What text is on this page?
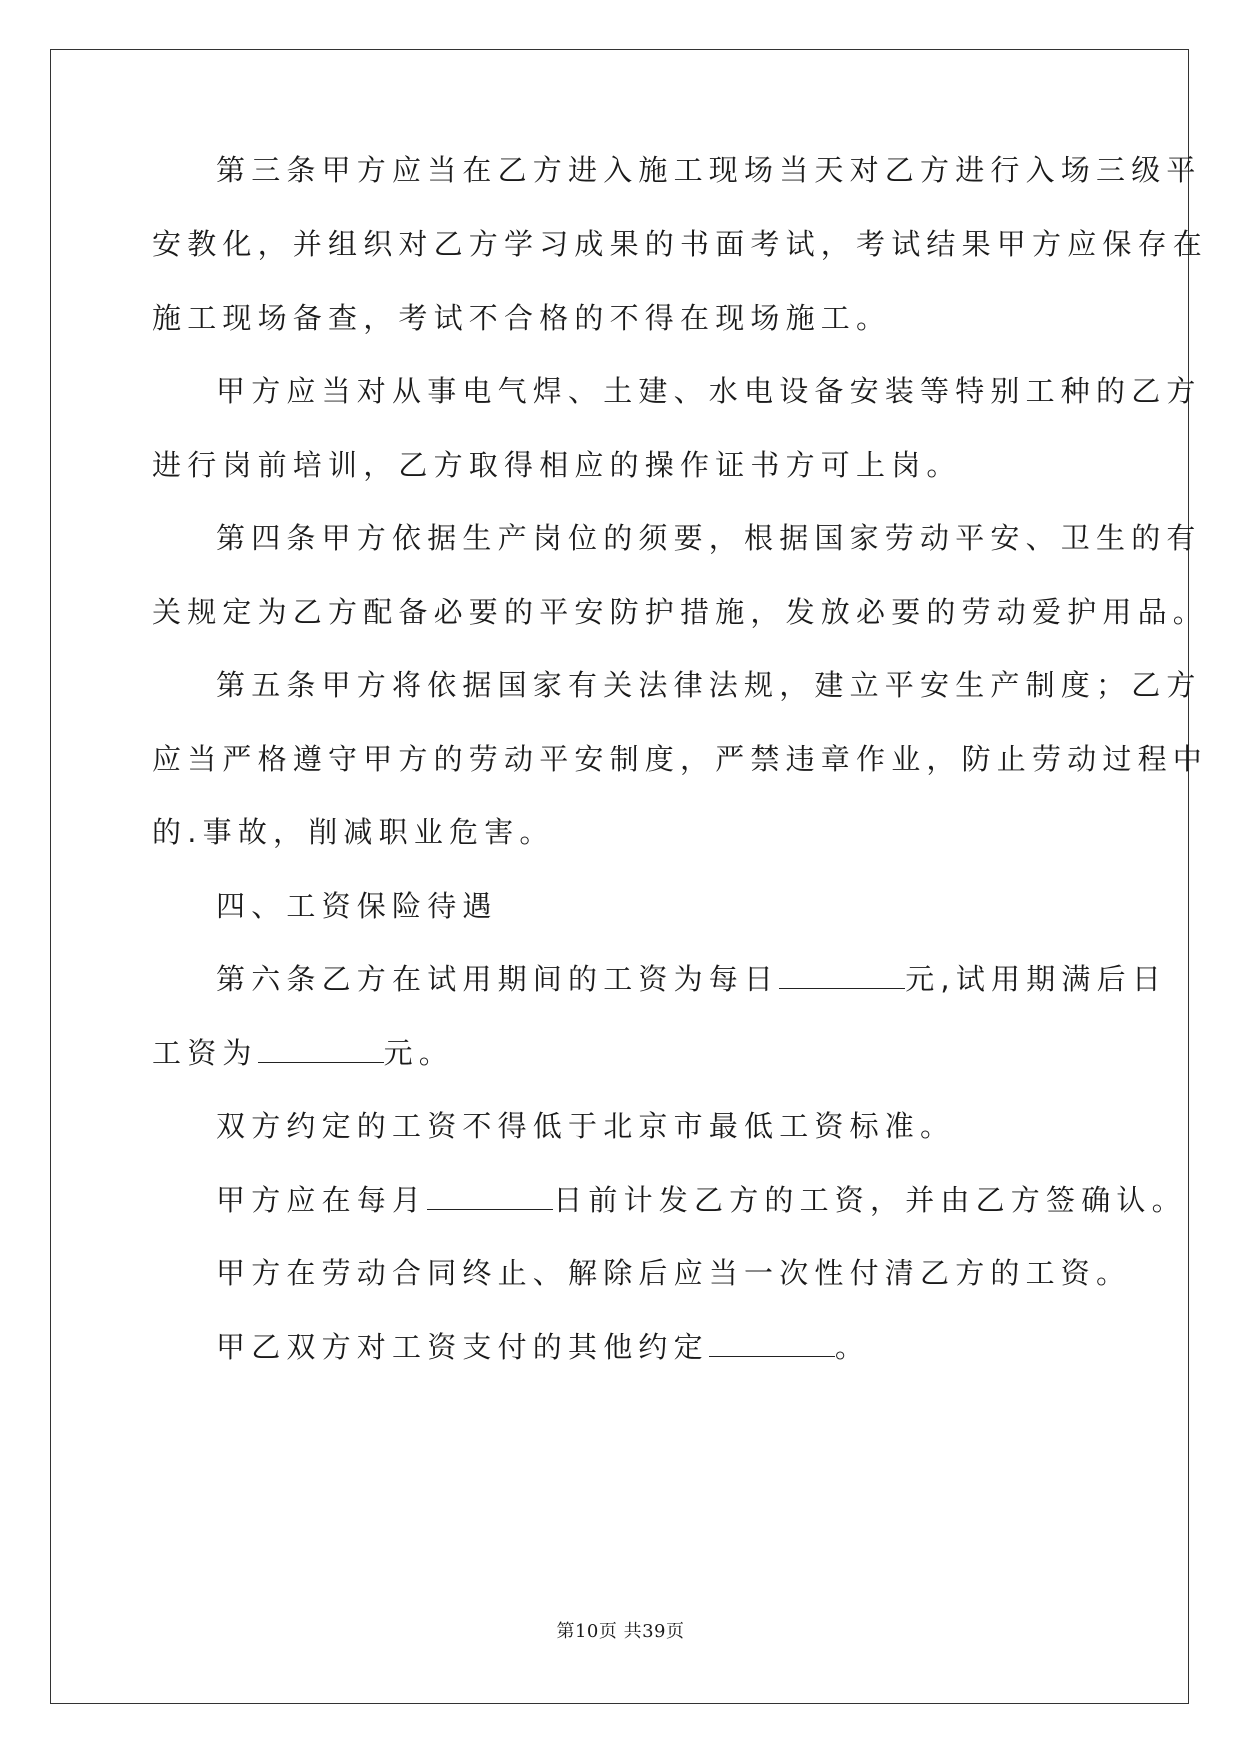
第三条甲方应当在乙方进入施工现场当天对乙方进行入场三级平
安教化，并组织对乙方学习成果的书面考试，考试结果甲方应保存在
施工现场备查，考试不合格的不得在现场施工。
甲方应当对从事电气焊、土建、水电设备安装等特别工种的乙方
进行岗前培训，乙方取得相应的操作证书方可上岗。
第四条甲方依据生产岗位的须要，根据国家劳动平安、卫生的有
关规定为乙方配备必要的平安防护措施，发放必要的劳动爱护用品。
第五条甲方将依据国家有关法律法规，建立平安生产制度；乙方
应当严格遵守甲方的劳动平安制度，严禁违章作业，防止劳动过程中
的.事故，削减职业危害。
四、工资保险待遇
第六条乙方在试用期间的工资为每日	元,试用期满后日
工资为	元。
双方约定的工资不得低于北京市最低工资标准。
甲方应在每月	日前计发乙方的工资，并由乙方签确认。
甲方在劳动合同终止、解除后应当一次性付清乙方的工资。
甲乙双方对工资支付的其他约定	。
第10页 共39页
